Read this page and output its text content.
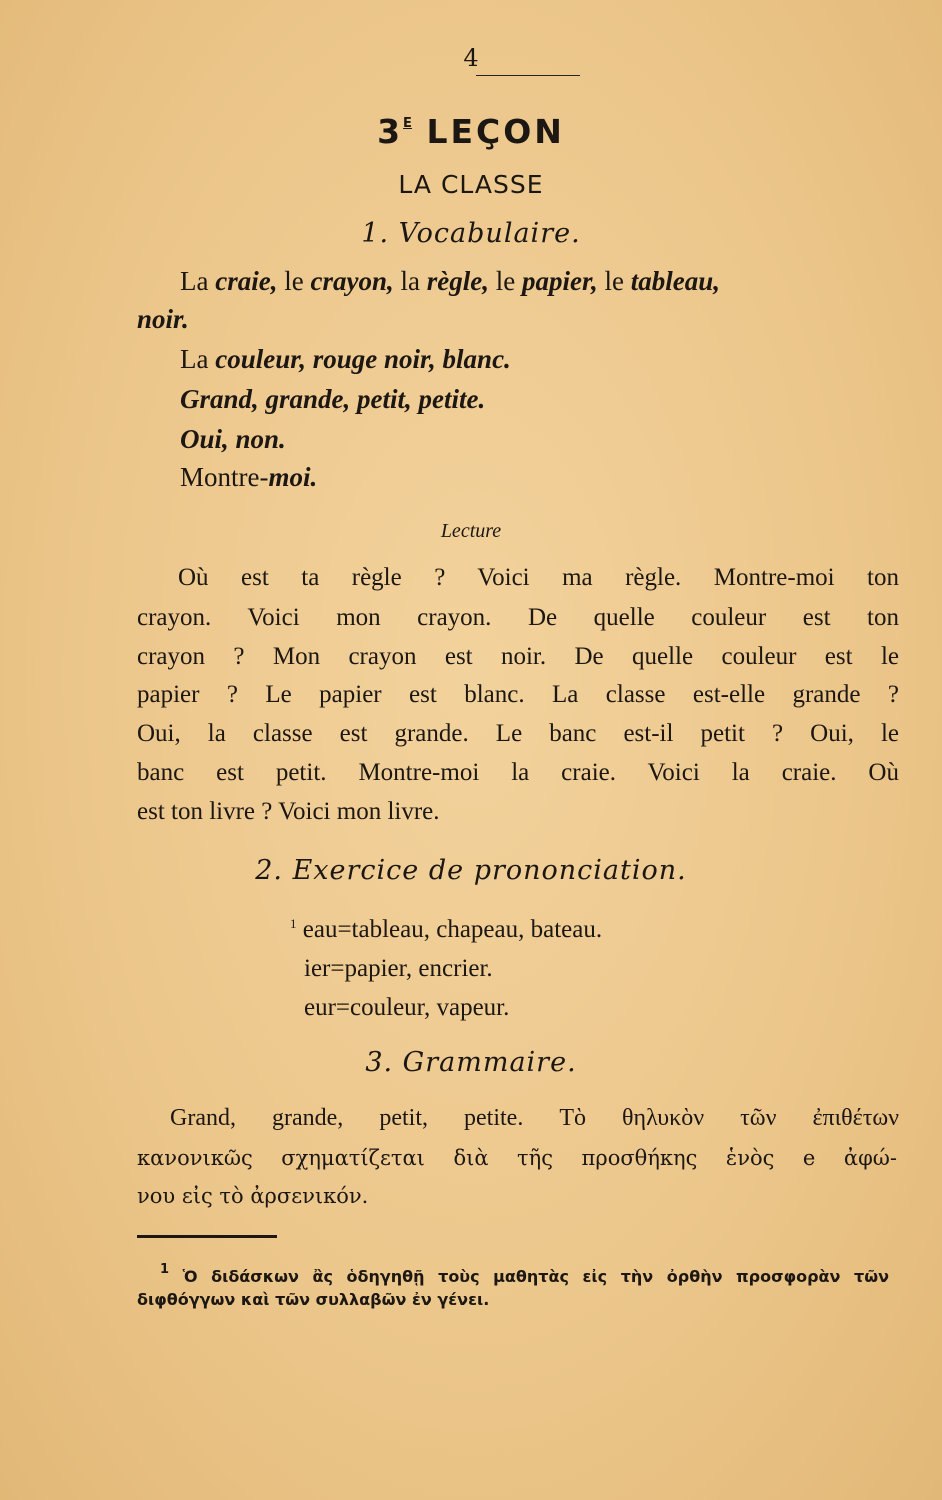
4
$3^E$ LEÇON
LA CLASSE
1. Vocabulaire.
La craie, le crayon, la règle, le papier, le tableau,
noir.
La couleur, rouge noir, blanc.
Grand, grande, petit, petite.
Oui, non.
Montre-moi.
Lecture
Où est ta règle ? Voici ma règle. Montre-moi ton
crayon. Voici mon crayon. De quelle couleur est ton
crayon ? Mon crayon est noir. De quelle couleur est le
papier ? Le papier est blanc. La classe est-elle grande ?
Oui, la classe est grande. Le banc est-il petit ? Oui, le
banc est petit. Montre-moi la craie. Voici la craie. Où
est ton livre ? Voici mon livre.
2. Exercice de prononciation.
$^1$ eau=tableau, chapeau, bateau.
ier=papier, encrier.
eur=couleur, vapeur.
3. Grammaire.
Grand, grande, petit, petite. Τὸ θηλυκὸν τῶν ἐπιθέτων
κανονικῶς σχηματίζεται διὰ τῆς προσθήκης ἑνὸς e ἀφώ-
νου εἰς τὸ ἀρσενικόν.
$^1$ Ὁ διδάσκων ἂς ὁδηγηθῇ τοὺς μαθητὰς εἰς τὴν ὀρθὴν προσφορὰν τῶν
διφθόγγων καὶ τῶν συλλαβῶν ἐν γένει.
